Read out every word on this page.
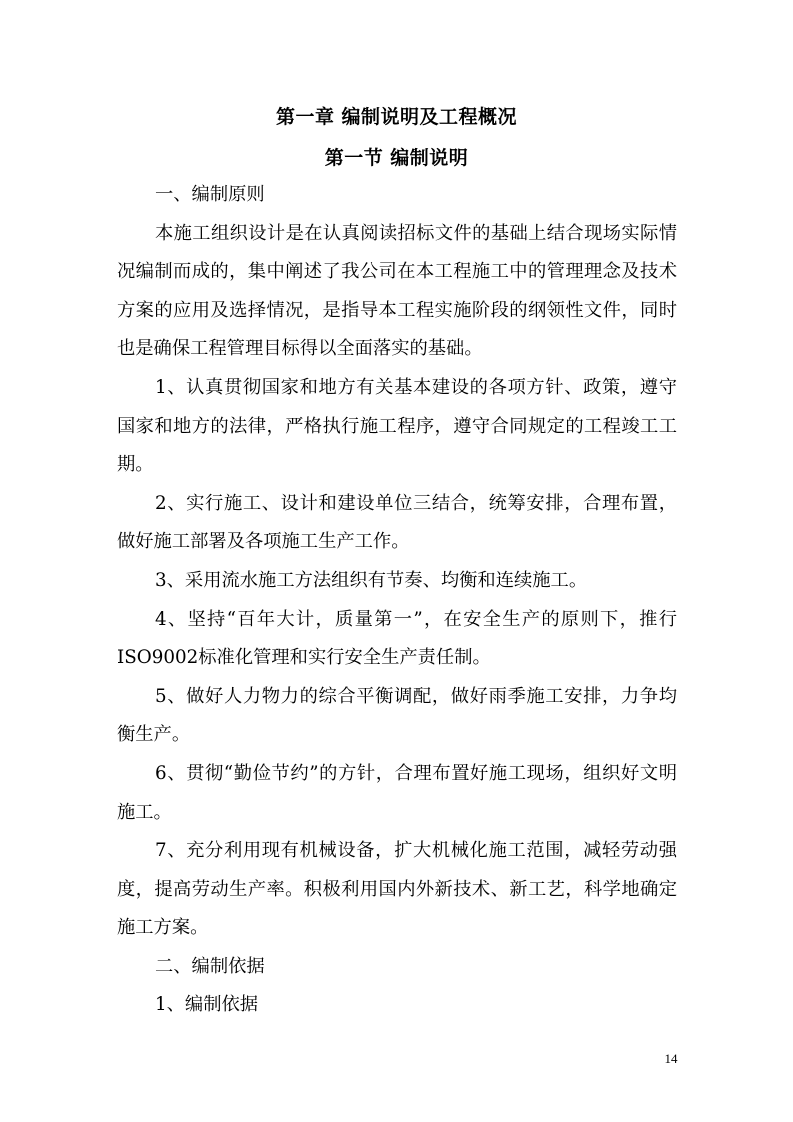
第一章 编制说明及工程概况
第一节 编制说明

一、编制原则

本施工组织设计是在认真阅读招标文件的基础上结合现场实际情况编制而成的，集中阐述了我公司在本工程施工中的管理理念及技术方案的应用及选择情况，是指导本工程实施阶段的纲领性文件，同时也是确保工程管理目标得以全面落实的基础。

1、认真贯彻国家和地方有关基本建设的各项方针、政策，遵守国家和地方的法律，严格执行施工程序，遵守合同规定的工程竣工工期。

2、实行施工、设计和建设单位三结合，统筹安排，合理布置，做好施工部署及各项施工生产工作。

3、采用流水施工方法组织有节奏、均衡和连续施工。

4、坚持“百年大计，质量第一”，在安全生产的原则下，推行ISO9002标准化管理和实行安全生产责任制。

5、做好人力物力的综合平衡调配，做好雨季施工安排，力争均衡生产。

6、贯彻“勤俭节约”的方针，合理布置好施工现场，组织好文明施工。

7、充分利用现有机械设备，扩大机械化施工范围，减轻劳动强度，提高劳动生产率。积极利用国内外新技术、新工艺，科学地确定施工方案。

二、编制依据

1、编制依据

14
